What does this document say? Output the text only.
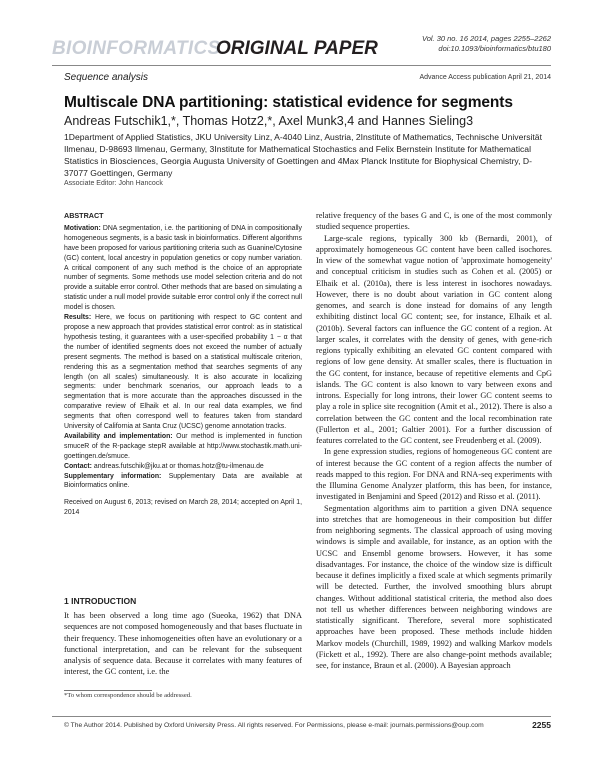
BIOINFORMATICS
ORIGINAL PAPER	Vol. 30 no. 16 2014, pages 2255–2262
doi:10.1093/bioinformatics/btu180
Sequence analysis	Advance Access publication April 21, 2014
Multiscale DNA partitioning: statistical evidence for segments
Andreas Futschik1,*, Thomas Hotz2,*, Axel Munk3,4 and Hannes Sieling3
1Department of Applied Statistics, JKU University Linz, A-4040 Linz, Austria, 2Institute of Mathematics, Technische Universität Ilmenau, D-98693 Ilmenau, Germany, 3Institute for Mathematical Stochastics and Felix Bernstein Institute for Mathematical Statistics in Biosciences, Georgia Augusta University of Goettingen and 4Max Planck Institute for Biophysical Chemistry, D-37077 Goettingen, Germany
Associate Editor: John Hancock
ABSTRACT

Motivation: DNA segmentation, i.e. the partitioning of DNA in compositionally homogeneous segments, is a basic task in bioinformatics. Different algorithms have been proposed for various partitioning criteria such as Guanine/Cytosine (GC) content, local ancestry in population genetics or copy number variation. A critical component of any such method is the choice of an appropriate number of segments. Some methods use model selection criteria and do not provide a suitable error control. Other methods that are based on simulating a statistic under a null model provide suitable error control only if the correct null model is chosen.

Results: Here, we focus on partitioning with respect to GC content and propose a new approach that provides statistical error control: as in statistical hypothesis testing, it guarantees with a user-specified probability 1 − α that the number of identified segments does not exceed the number of actually present segments. The method is based on a statistical multiscale criterion, rendering this as a segmentation method that searches segments of any length (on all scales) simultaneously. It is also accurate in localizing segments: under benchmark scenarios, our approach leads to a segmentation that is more accurate than the approaches discussed in the comparative review of Elhaik et al. In our real data examples, we find segments that often correspond well to features taken from standard University of California at Santa Cruz (UCSC) genome annotation tracks.

Availability and implementation: Our method is implemented in function smuceR of the R-package stepR available at http://www.stochastik.math.uni-goettingen.de/smuce.

Contact: andreas.futschik@jku.at or thomas.hotz@tu-ilmenau.de

Supplementary information: Supplementary Data are available at Bioinformatics online.

Received on August 6, 2013; revised on March 28, 2014; accepted on April 1, 2014

1 INTRODUCTION
It has been observed a long time ago (Sueoka, 1962) that DNA sequences are not composed homogeneously and that bases fluctuate in their frequency. These inhomogeneities often have an evolutionary or a functional interpretation, and can be relevant for the subsequent analysis of sequence data. Because it correlates with many features of interest, the GC content, i.e. the
*To whom correspondence should be addressed.

relative frequency of the bases G and C, is one of the most commonly studied sequence properties.

Large-scale regions, typically 300 kb (Bernardi, 2001), of approximately homogeneous GC content have been called isochores. In view of the somewhat vague notion of 'approximate homogeneity' and conceptual criticism in studies such as Cohen et al. (2005) or Elhaik et al. (2010a), there is less interest in isochores nowadays. However, there is no doubt about variation in GC content along genomes, and search is done instead for domains of any length exhibiting distinct local GC content; see, for instance, Elhaik et al. (2010b). Several factors can influence the GC content of a region. At larger scales, it correlates with the density of genes, with gene-rich regions typically exhibiting an elevated GC content compared with regions of low gene density. At smaller scales, there is fluctuation in the GC content, for instance, because of repetitive elements and CpG islands. The GC content is also known to vary between exons and introns. Especially for long introns, their lower GC content seems to play a role in splice site recognition (Amit et al., 2012). There is also a correlation between the GC content and the local recombination rate (Fullerton et al., 2001; Galtier 2001). For a further discussion of features correlated to the GC content, see Freudenberg et al. (2009).

In gene expression studies, regions of homogeneous GC content are of interest because the GC content of a region affects the number of reads mapped to this region. For DNA and RNA-seq experiments with the Illumina Genome Analyzer platform, this has been, for instance, investigated in Benjamini and Speed (2012) and Risso et al. (2011).

Segmentation algorithms aim to partition a given DNA sequence into stretches that are homogeneous in their composition but differ from neighboring segments. The classical approach of using moving windows is simple and available, for instance, as an option with the UCSC and Ensembl genome browsers. However, it has some disadvantages. For instance, the choice of the window size is difficult because it defines implicitly a fixed scale at which segments primarily will be detected. Further, the involved smoothing blurs abrupt changes. Without additional statistical criteria, the method also does not tell us whether differences between neighboring windows are statistically significant. Therefore, several more sophisticated approaches have been proposed. These methods include hidden Markov models (Churchill, 1989, 1992) and walking Markov models (Fickett et al., 1992). There are also change-point methods available; see, for instance, Braun et al. (2000). A Bayesian approach

© The Author 2014. Published by Oxford University Press. All rights reserved. For Permissions, please e-mail: journals.permissions@oup.com	2255
